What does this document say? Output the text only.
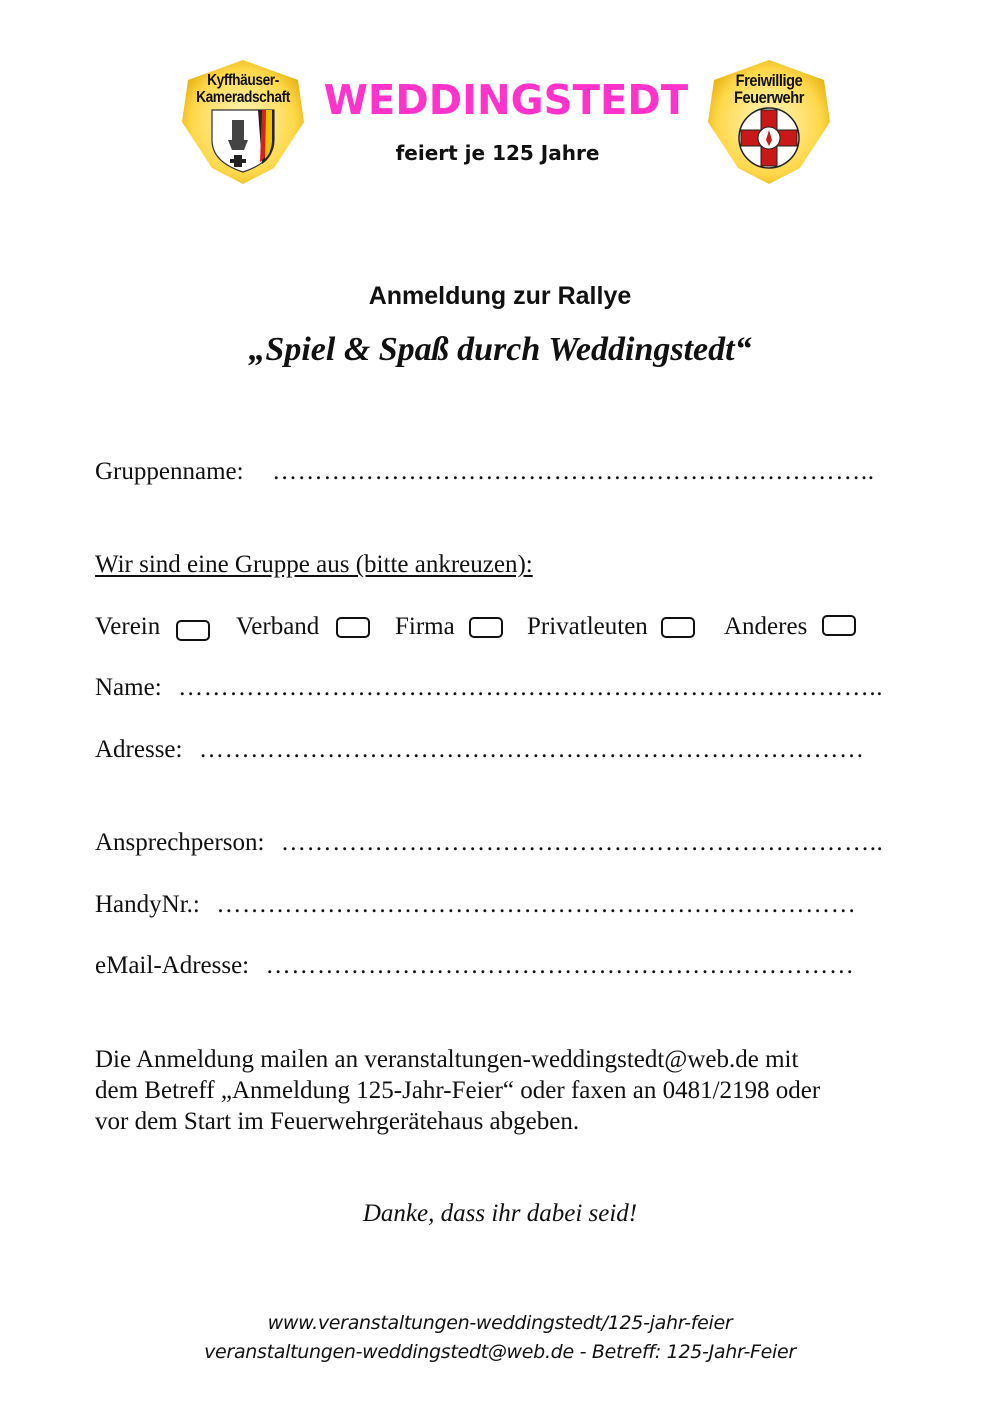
Kyffhäuser-
Kameradschaft WEDDINGSTEDT
feiert je 125 Jahre
Freiwillige
Feuerwehr
Anmeldung zur Rallye
„Spiel & Spaß durch Weddingstedt“
Gruppenname: ……………………………………………………………..
Wir sind eine Gruppe aus (bitte ankreuzen):
Verein	Verband	Firma	Privatleuten	Anderes
Name: ………………………………………………………………………..
Adresse: ……………………………………………………………………
Ansprechperson: ……………………………………………………………..
HandyNr.: …………………………………………………………………
eMail-Adresse: ……………………………………………………………
Die Anmeldung mailen an veranstaltungen-weddingstedt@web.de mit
dem Betreff „Anmeldung 125-Jahr-Feier“ oder faxen an 0481/2198 oder
vor dem Start im Feuerwehrgerätehaus abgeben.
Danke, dass ihr dabei seid!
www.veranstaltungen-weddingstedt/125-jahr-feier
veranstaltungen-weddingstedt@web.de - Betreff: 125-Jahr-Feier
